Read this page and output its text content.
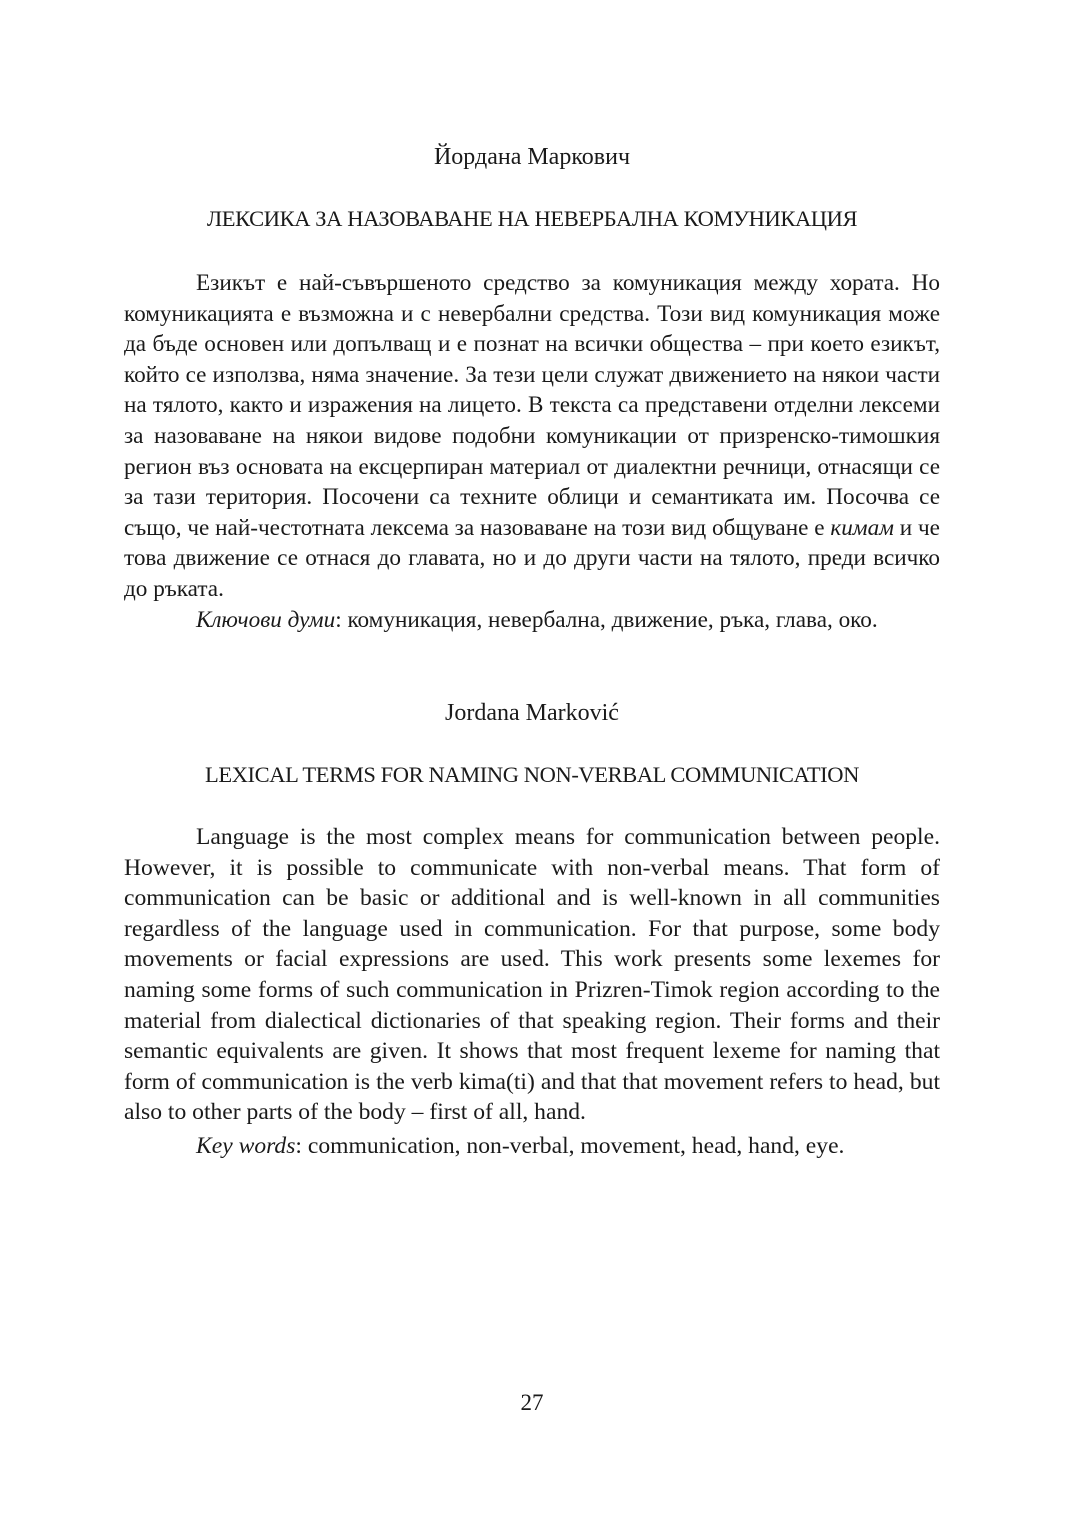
Йордана Маркович
ЛЕКСИКА ЗА НАЗОВАВАНЕ НА НЕВЕРБАЛНА КОМУНИКАЦИЯ

Езикът е най-съвършеното средство за комуникация между хората. Но комуникацията е възможна и с невербални средства. Този вид комуникация може да бъде основен или допълващ и е познат на всички общества – при което езикът, който се използва, няма значение. За тези цели служат движението на някои части на тялото, както и изражения на лицето. В текста са представени отделни лексеми за назоваване на някои видове подобни комуникации от призренско-тимошкия регион въз основата на ексцерпиран материал от диалектни речници, отнасящи се за тази територия. Посочени са техните облици и семантиката им. Посочва се също, че най-честотната лексема за назоваване на този вид общуване е кимам и че това движение се отнася до главата, но и до други части на тялото, преди всичко до ръката.

Ключови думи: комуникация, невербална, движение, ръка, глава, око.

Jordana Marković
LEXICAL TERMS FOR NAMING NON-VERBAL COMMUNICATION

Language is the most complex means for communication between people. However, it is possible to communicate with non-verbal means. That form of communication can be basic or additional and is well-known in all communities regardless of the language used in communication. For that purpose, some body movements or facial expressions are used. This work presents some lexemes for naming some forms of such communication in Prizren-Timok region according to the material from dialectical dictionaries of that speaking region. Their forms and their semantic equivalents are given. It shows that most frequent lexeme for naming that form of communication is the verb kima(ti) and that that movement refers to head, but also to other parts of the body – first of all, hand.

Key words: communication, non-verbal, movement, head, hand, eye.

27
